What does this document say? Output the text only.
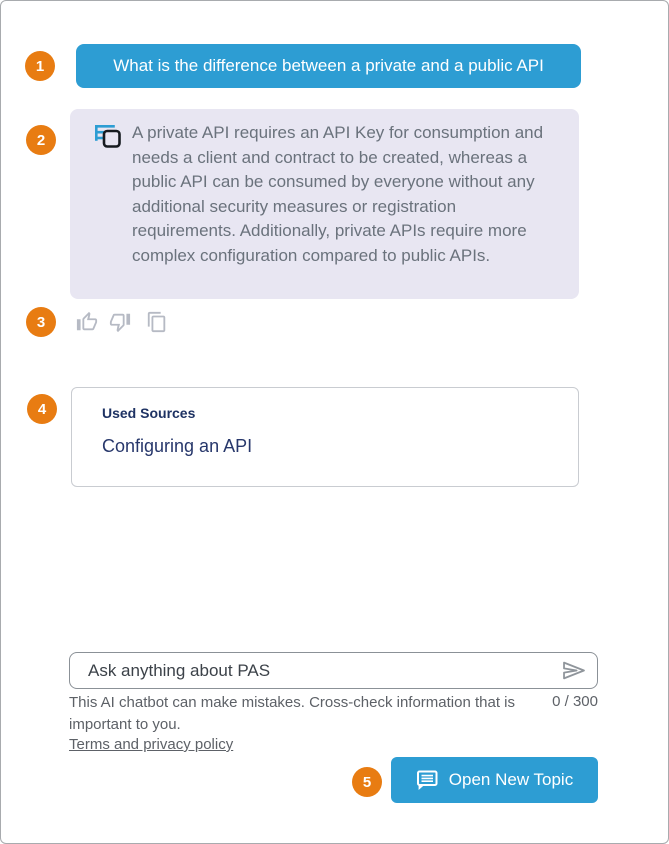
1
2
3
4
5
What is the difference between a private and a public API
A private API requires an API Key for consumption and needs a client and contract to be created, whereas a public API can be consumed by everyone without any additional security measures or registration requirements. Additionally, private APIs require more complex configuration compared to public APIs.
Used Sources
Configuring an API
Ask anything about PAS
This AI chatbot can make mistakes. Cross-check information that is important to you.
0 / 300
Terms and privacy policy
Open New Topic
